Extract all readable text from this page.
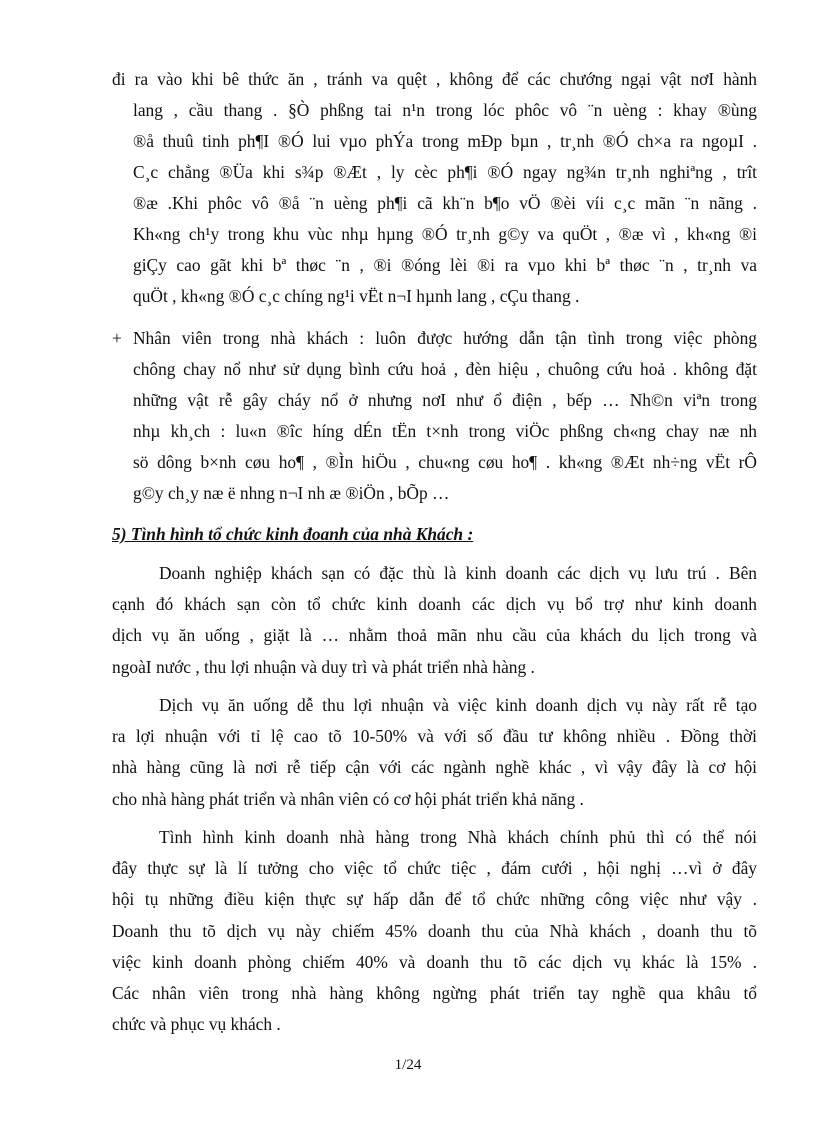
đi ra vào khi bê thức ăn , tránh va quệt , không để các chướng ngại vật nơI hành
lang , cầu thang . §Ò phßng tai n¹n trong lóc phôc vô ¨n uèng : khay ®ùng
®å thuû tinh ph¶I ®Ó lui vµo phÝa trong mÐp bµn , tr¸nh ®Ó ch×a ra ngoµI .
C¸c chẳng ®Üa khi s¾p ®Æt , ly cèc ph¶i ®Ó ngay ng¾n tr¸nh nghiªng , trît
®æ .Khi phôc vô ®å ¨n uèng ph¶i cã kh¨n b¶o vÖ ®èi víi c¸c mãn ¨n nãng .
Kh«ng ch¹y trong khu vùc nhµ hµng ®Ó tr¸nh g©y va quÖt , ®æ vì , kh«ng ®i
giÇy cao gãt khi bª thøc ¨n , ®i ®óng lèi ®i ra vµo khi bª thøc ¨n , tr¸nh va
quÖt , kh«ng ®Ó c¸c chíng ng¹i vËt n¬I hµnh lang , cÇu thang .
+ Nhân viên trong nhà khách : luôn được hướng dẫn tận tình trong việc phòng
chông chay nổ như sử dụng bình cứu hoả , đèn hiệu , chuông cứu hoả . không đặt
những vật rễ gây cháy nổ ở nhưng nơI như ổ điện , bếp … Nh©n viªn trong
nhµ kh¸ch : lu«n ®îc híng dÉn tËn t×nh trong viÖc phßng ch«ng chay næ nh
sö dông b×nh cøu ho¶ , ®Ìn hiÖu , chu«ng cøu ho¶ . kh«ng ®Æt nh÷ng vËt rÔ
g©y ch¸y næ ë nhng n¬I nh æ ®iÖn , bÕp …
5) Tình hình tổ chức kinh đoanh của nhà Khách :
Doanh nghiệp khách sạn có đặc thù là kinh doanh các dịch vụ lưu trú . Bên
cạnh đó khách sạn còn tổ chức kinh doanh các dịch vụ bổ trợ như kinh doanh
dịch vụ ăn uống , giặt là … nhằm thoả mãn nhu cầu của khách du lịch trong và
ngoàI nước , thu lợi nhuận và duy trì và phát triển nhà hàng .
Dịch vụ ăn uống dễ thu lợi nhuận và việc kinh doanh dịch vụ này rất rễ tạo
ra lợi nhuận với tỉ lệ cao tõ 10-50% và với số đầu tư không nhiều . Đồng thời
nhà hàng cũng là nơi rễ tiếp cận với các ngành nghề khác , vì vậy đây là cơ hội
cho nhà hàng phát triển và nhân viên có cơ hội phát triển khả năng .
Tình hình kinh doanh nhà hàng trong Nhà khách chính phủ thì có thể nói
đây thực sự là lí tưởng cho việc tổ chức tiệc , đám cưới , hội nghị …vì ở đây
hội tụ những điều kiện thực sự hấp dẫn để tổ chức những công việc như vậy .
Doanh thu tõ dịch vụ này chiếm 45% doanh thu của Nhà khách , doanh thu tõ
việc kinh doanh phòng chiếm 40% và doanh thu tõ các dịch vụ khác là 15% .
Các nhân viên trong nhà hàng không ngừng phát triển tay nghề qua khâu tổ
chức và phục vụ khách .
1/24
